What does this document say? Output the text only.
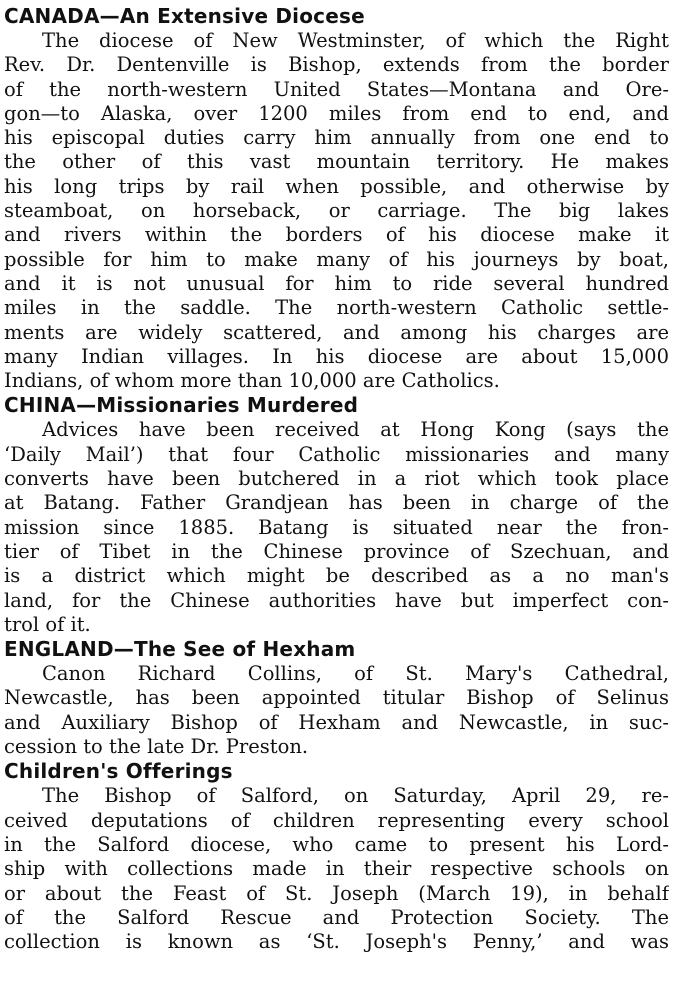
CANADA—An Extensive Diocese
The diocese of New Westminster, of which the Right
Rev. Dr. Dentenville is Bishop, extends from the border
of the north-western United States—Montana and Ore-
gon—to Alaska, over 1200 miles from end to end, and
his episcopal duties carry him annually from one end to
the other of this vast mountain territory. He makes
his long trips by rail when possible, and otherwise by
steamboat, on horseback, or carriage. The big lakes
and rivers within the borders of his diocese make it
possible for him to make many of his journeys by boat,
and it is not unusual for him to ride several hundred
miles in the saddle. The north-western Catholic settle-
ments are widely scattered, and among his charges are
many Indian villages. In his diocese are about 15,000
Indians, of whom more than 10,000 are Catholics.
CHINA—Missionaries Murdered
Advices have been received at Hong Kong (says the
‘Daily Mail’) that four Catholic missionaries and many
converts have been butchered in a riot which took place
at Batang. Father Grandjean has been in charge of the
mission since 1885. Batang is situated near the fron-
tier of Tibet in the Chinese province of Szechuan, and
is a district which might be described as a no man's
land, for the Chinese authorities have but imperfect con-
trol of it.
ENGLAND—The See of Hexham
Canon Richard Collins, of St. Mary's Cathedral,
Newcastle, has been appointed titular Bishop of Selinus
and Auxiliary Bishop of Hexham and Newcastle, in suc-
cession to the late Dr. Preston.
Children's Offerings
The Bishop of Salford, on Saturday, April 29, re-
ceived deputations of children representing every school
in the Salford diocese, who came to present his Lord-
ship with collections made in their respective schools on
or about the Feast of St. Joseph (March 19), in behalf
of the Salford Rescue and Protection Society. The
collection is known as ‘St. Joseph's Penny,’ and was
